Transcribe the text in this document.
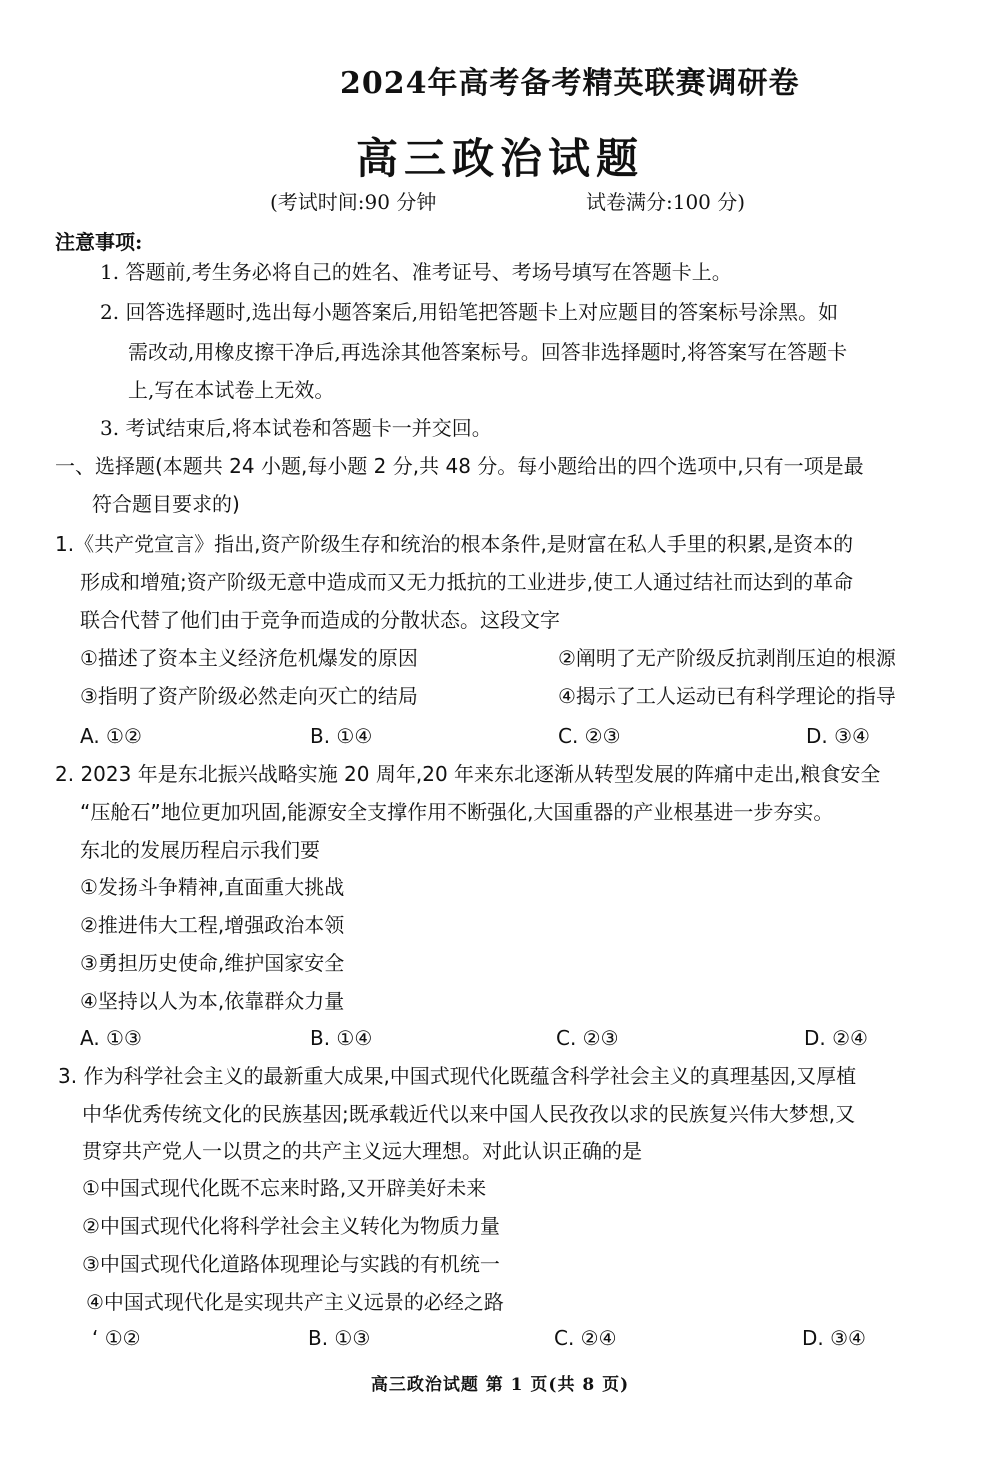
2024年高考备考精英联赛调研卷
高三政治试题
(考试时间:90 分钟	试卷满分:100 分)
注意事项:
1. 答题前,考生务必将自己的姓名、准考证号、考场号填写在答题卡上。
2. 回答选择题时,选出每小题答案后,用铅笔把答题卡上对应题目的答案标号涂黑。如
需改动,用橡皮擦干净后,再选涂其他答案标号。回答非选择题时,将答案写在答题卡
上,写在本试卷上无效。
3. 考试结束后,将本试卷和答题卡一并交回。
一、选择题(本题共 24 小题,每小题 2 分,共 48 分。每小题给出的四个选项中,只有一项是最
符合题目要求的)
1.《共产党宣言》指出,资产阶级生存和统治的根本条件,是财富在私人手里的积累,是资本的
形成和增殖;资产阶级无意中造成而又无力抵抗的工业进步,使工人通过结社而达到的革命
联合代替了他们由于竞争而造成的分散状态。这段文字
①描述了资本主义经济危机爆发的原因	②阐明了无产阶级反抗剥削压迫的根源
③指明了资产阶级必然走向灭亡的结局	④揭示了工人运动已有科学理论的指导
A. ①②	B. ①④	C. ②③	D. ③④
2. 2023 年是东北振兴战略实施 20 周年,20 年来东北逐渐从转型发展的阵痛中走出,粮食安全
“压舱石”地位更加巩固,能源安全支撑作用不断强化,大国重器的产业根基进一步夯实。
东北的发展历程启示我们要
①发扬斗争精神,直面重大挑战
②推进伟大工程,增强政治本领
③勇担历史使命,维护国家安全
④坚持以人为本,依靠群众力量
A. ①③	B. ①④	C. ②③	D. ②④
3. 作为科学社会主义的最新重大成果,中国式现代化既蕴含科学社会主义的真理基因,又厚植
中华优秀传统文化的民族基因;既承载近代以来中国人民孜孜以求的民族复兴伟大梦想,又
贯穿共产党人一以贯之的共产主义远大理想。对此认识正确的是
①中国式现代化既不忘来时路,又开辟美好未来
②中国式现代化将科学社会主义转化为物质力量
③中国式现代化道路体现理论与实践的有机统一
④中国式现代化是实现共产主义远景的必经之路
‘ ①②	B. ①③	C. ②④	D. ③④
高三政治试题 第 1 页(共 8 页)
